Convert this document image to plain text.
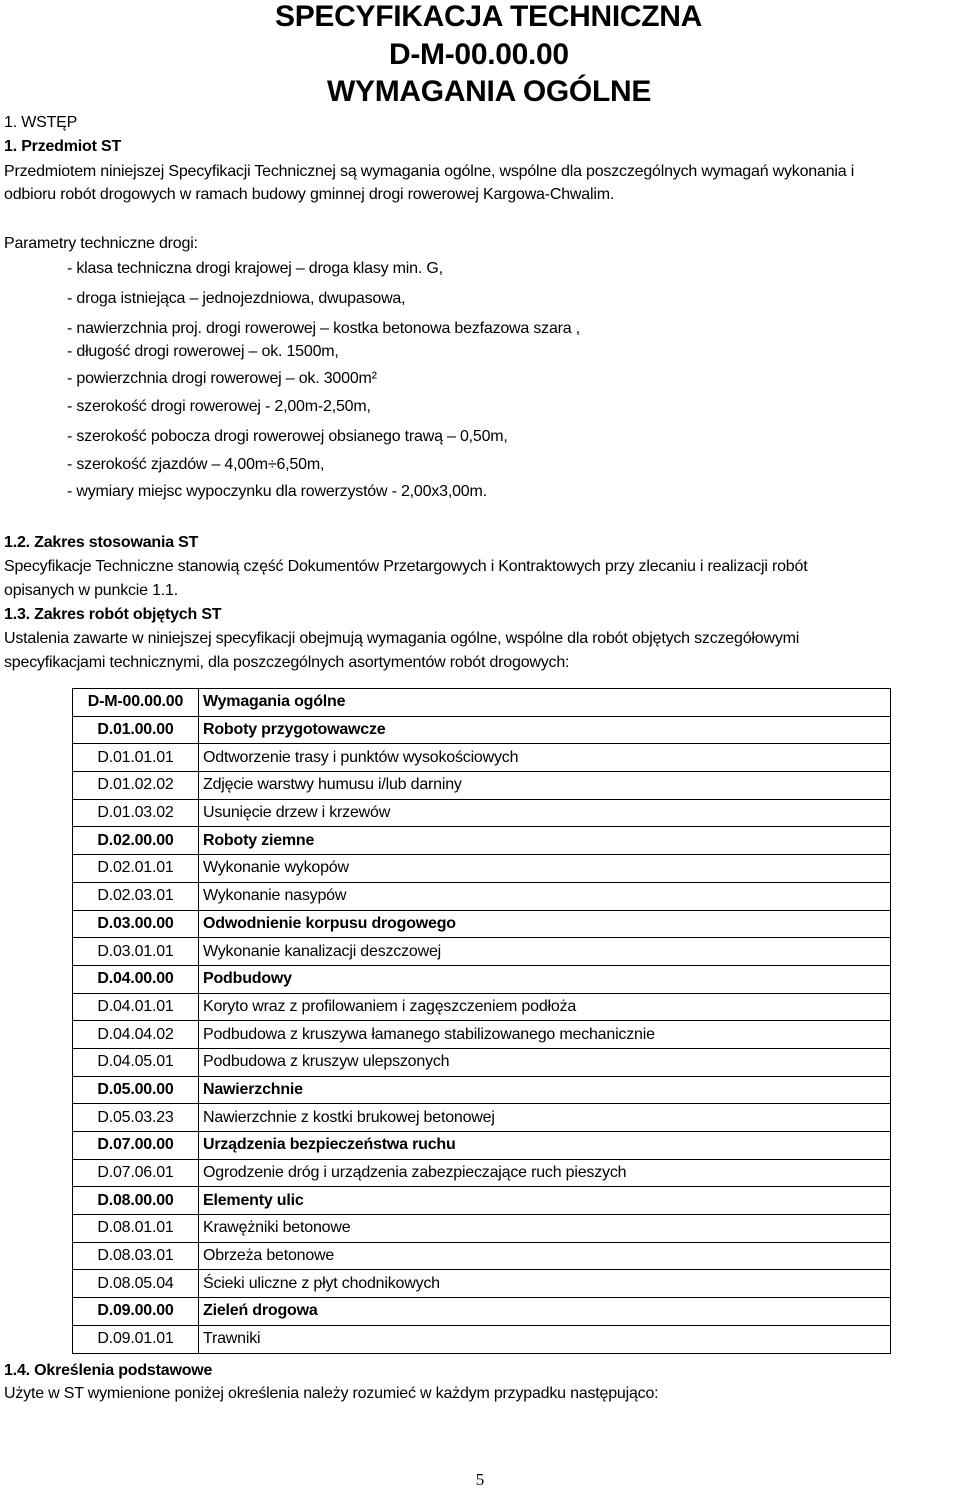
SPECYFIKACJA TECHNICZNA
D-M-00.00.00
WYMAGANIA OGÓLNE
1. WSTĘP
1. Przedmiot ST
Przedmiotem niniejszej Specyfikacji Technicznej są wymagania ogólne, wspólne dla poszczególnych wymagań wykonania i
odbioru robót drogowych w ramach budowy gminnej drogi rowerowej Kargowa-Chwalim.
Parametry techniczne drogi:
- klasa techniczna drogi krajowej – droga klasy min. G,
- droga istniejąca – jednojezdniowa, dwupasowa,
- nawierzchnia proj. drogi rowerowej – kostka betonowa bezfazowa szara ,
- długość drogi rowerowej – ok. 1500m,
- powierzchnia drogi rowerowej – ok. 3000m²
- szerokość drogi rowerowej - 2,00m-2,50m,
- szerokość pobocza drogi rowerowej obsianego trawą – 0,50m,
- szerokość zjazdów – 4,00m÷6,50m,
- wymiary miejsc wypoczynku dla rowerzystów - 2,00x3,00m.
1.2. Zakres stosowania ST
Specyfikacje Techniczne stanowią część Dokumentów Przetargowych i Kontraktowych przy zlecaniu i realizacji robót
opisanych w punkcie 1.1.
1.3. Zakres robót objętych ST
Ustalenia zawarte w niniejszej specyfikacji obejmują wymagania ogólne, wspólne dla robót objętych szczegółowymi
specyfikacjami technicznymi, dla poszczególnych asortymentów robót drogowych:
D-M-00.00.00	Wymagania ogólne
D.01.00.00	Roboty przygotowawcze
D.01.01.01	Odtworzenie trasy i punktów wysokościowych
D.01.02.02	Zdjęcie warstwy humusu i/lub darniny
D.01.03.02	Usunięcie drzew i krzewów
D.02.00.00	Roboty ziemne
D.02.01.01	Wykonanie wykopów
D.02.03.01	Wykonanie nasypów
D.03.00.00	Odwodnienie korpusu drogowego
D.03.01.01	Wykonanie kanalizacji deszczowej
D.04.00.00	Podbudowy
D.04.01.01	Koryto wraz z profilowaniem i zagęszczeniem podłoża
D.04.04.02	Podbudowa z kruszywa łamanego stabilizowanego mechanicznie
D.04.05.01	Podbudowa z kruszyw ulepszonych
D.05.00.00	Nawierzchnie
D.05.03.23	Nawierzchnie z kostki brukowej betonowej
D.07.00.00	Urządzenia bezpieczeństwa ruchu
D.07.06.01	Ogrodzenie dróg i urządzenia zabezpieczające ruch pieszych
D.08.00.00	Elementy ulic
D.08.01.01	Krawężniki betonowe
D.08.03.01	Obrzeża betonowe
D.08.05.04	Ścieki uliczne z płyt chodnikowych
D.09.00.00	Zieleń drogowa
D.09.01.01	Trawniki
1.4. Określenia podstawowe
Użyte w ST wymienione poniżej określenia należy rozumieć w każdym przypadku następująco:
5
